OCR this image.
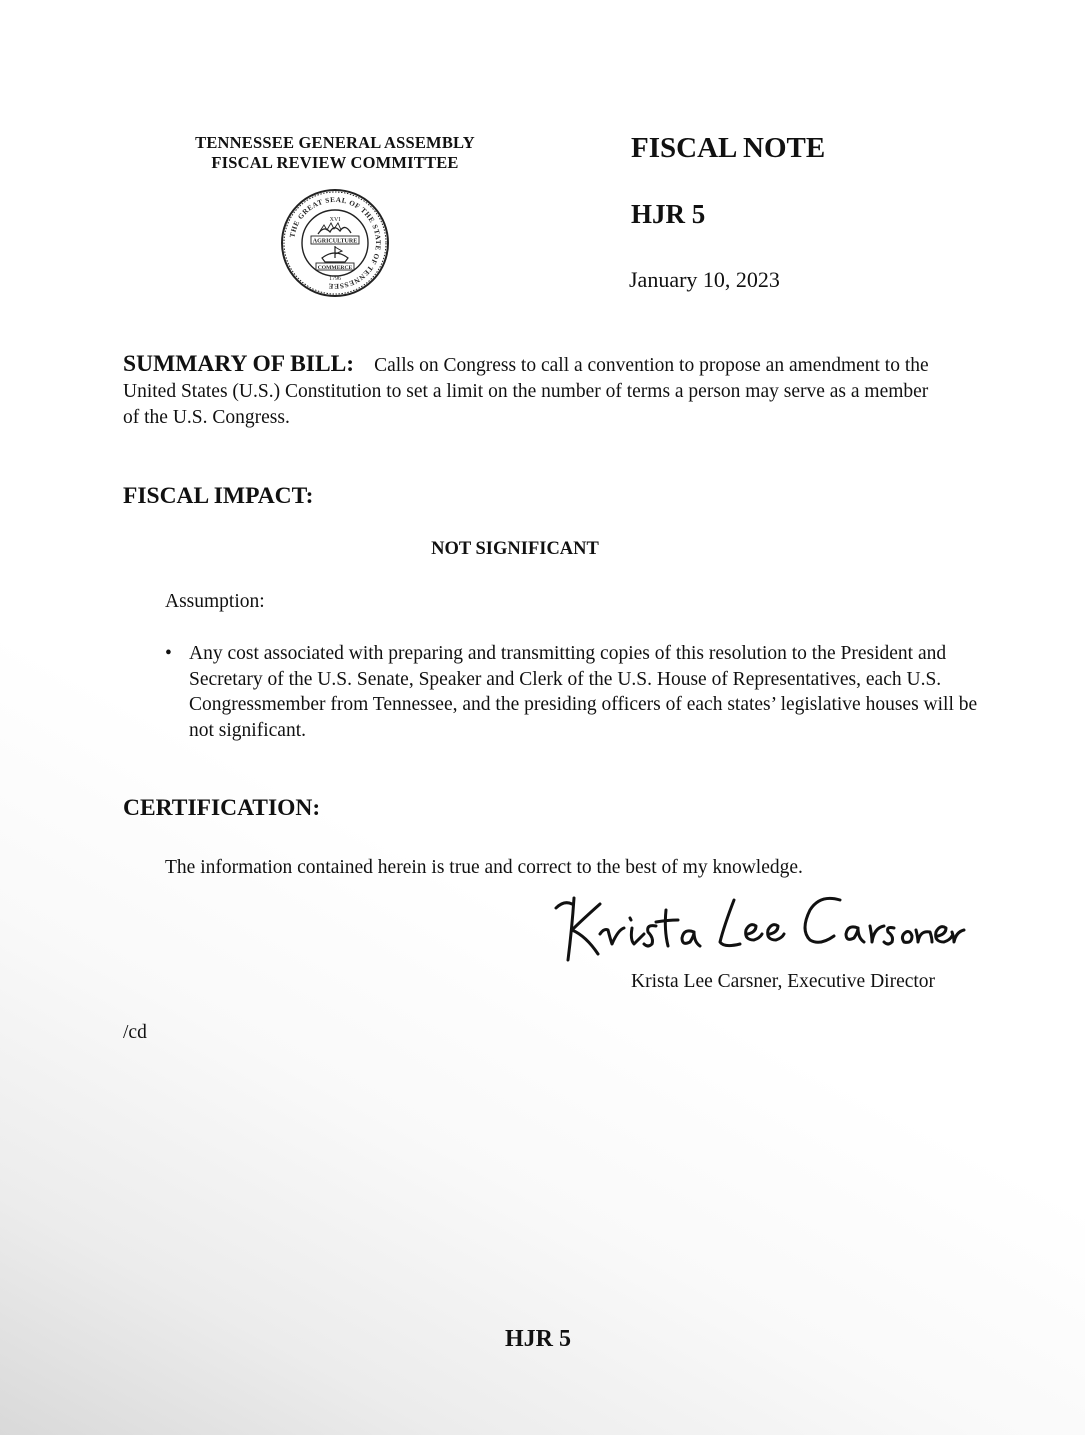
TENNESSEE GENERAL ASSEMBLY
FISCAL REVIEW COMMITTEE
THE GREAT SEAL OF THE STATE OF TENNESSEE
XVI
AGRICULTURE
COMMERCE
1796
FISCAL NOTE
HJR 5
January 10, 2023
SUMMARY OF BILL: Calls on Congress to call a convention to propose an amendment to the United States (U.S.) Constitution to set a limit on the number of terms a person may serve as a member of the U.S. Congress.
FISCAL IMPACT:
NOT SIGNIFICANT
Assumption:
• Any cost associated with preparing and transmitting copies of this resolution to the President and Secretary of the U.S. Senate, Speaker and Clerk of the U.S. House of Representatives, each U.S. Congressmember from Tennessee, and the presiding officers of each states’ legislative houses will be not significant.
CERTIFICATION:
The information contained herein is true and correct to the best of my knowledge.
Krista Lee Carsner, Executive Director
/cd
HJR 5
